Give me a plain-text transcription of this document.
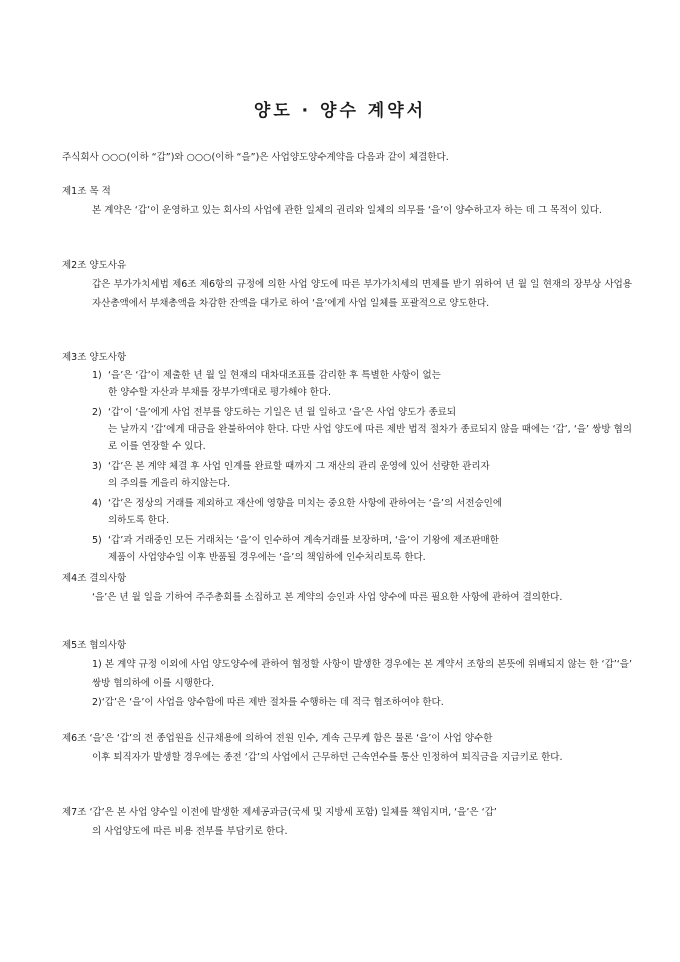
양도 · 양수 계약서
주식회사 ○○○(이하 “갑”)와 ○○○(이하 “을”)은 사업양도양수계약을 다음과 같이 체결한다.
제1조 목 적
본 계약은 ‘갑’이 운영하고 있는 회사의 사업에 관한 일체의 권리와 일체의 의무를 ‘을’이 양수하고자 하는 데 그 목적이 있다.
제2조 양도사유
갑은 부가가치세법 제6조 제6항의 규정에 의한 사업 양도에 따른 부가가치세의 면제를 받기 위하여 년 월 일 현재의 장부상 사업용 자산총액에서 부채총액을 차감한 잔액을 대가로 하여 ‘을’에게 사업 일체를 포괄적으로 양도한다.
제3조 양도사항
1) ‘을’은 ‘갑’이 제출한 년 월 일 현재의 대차대조표를 감리한 후 특별한 사항이 없는
한 양수할 자산과 부채를 장부가액대로 평가해야 한다.
2) ‘갑’이 ‘을’에게 사업 전부를 양도하는 기일은 년 월 일하고 ‘을’은 사업 양도가 종료되
는 날까지 ‘갑’에게 대금을 완불하여야 한다. 다만 사업 양도에 따른 제반 법적 절차가 종료되지 않을 때에는 ‘갑’, ‘을’ 쌍방 협의로 이를 연장할 수 있다.
3) ‘갑’은 본 계약 체결 후 사업 인계를 완료할 때까지 그 재산의 관리 운영에 있어 선량한 관리자
의 주의를 게을리 하지않는다.
4) ‘갑’은 정상의 거래를 제외하고 재산에 영향을 미치는 중요한 사항에 관하여는 ‘을’의 서전승인에
의하도록 한다.
5) ‘갑’과 거래중인 모든 거래처는 ‘을’이 인수하여 계속거래를 보장하며, ‘을’이 기왕에 제조판매한
제품이 사업양수일 이후 반품될 경우에는 ‘을’의 책임하에 인수처리토록 한다.
제4조 결의사항
‘을’은 년 월 일을 기하여 주주총회를 소집하고 본 계약의 승인과 사업 양수에 따른 필요한 사항에 관하여 결의한다.
제5조 협의사항
1) 본 계약 규정 이외에 사업 양도양수에 관하여 협정할 사항이 발생한 경우에는 본 계약서 조항의 본뜻에 위배되지 않는 한 ‘갑’‘을’ 쌍방 협의하에 이를 시행한다.
2)‘갑’은 ‘을’이 사업을 양수함에 따른 제반 절차를 수행하는 데 적극 협조하여야 한다.
제6조 ‘을’은 ‘갑’의 전 종업원을 신규채용에 의하여 전원 인수, 계속 근무케 함은 물론 ‘을’이 사업 양수한
이후 퇴직자가 발생할 경우에는 종전 ‘갑’의 사업에서 근무하던 근속연수를 통산 인정하여 퇴직금을 지급키로 한다.
제7조 ‘갑’은 본 사업 양수일 이전에 발생한 제세공과금(국세 및 지방세 포함) 일체를 책임지며, ‘을’은 ‘갑’
의 사업양도에 따른 비용 전부를 부담키로 한다.
